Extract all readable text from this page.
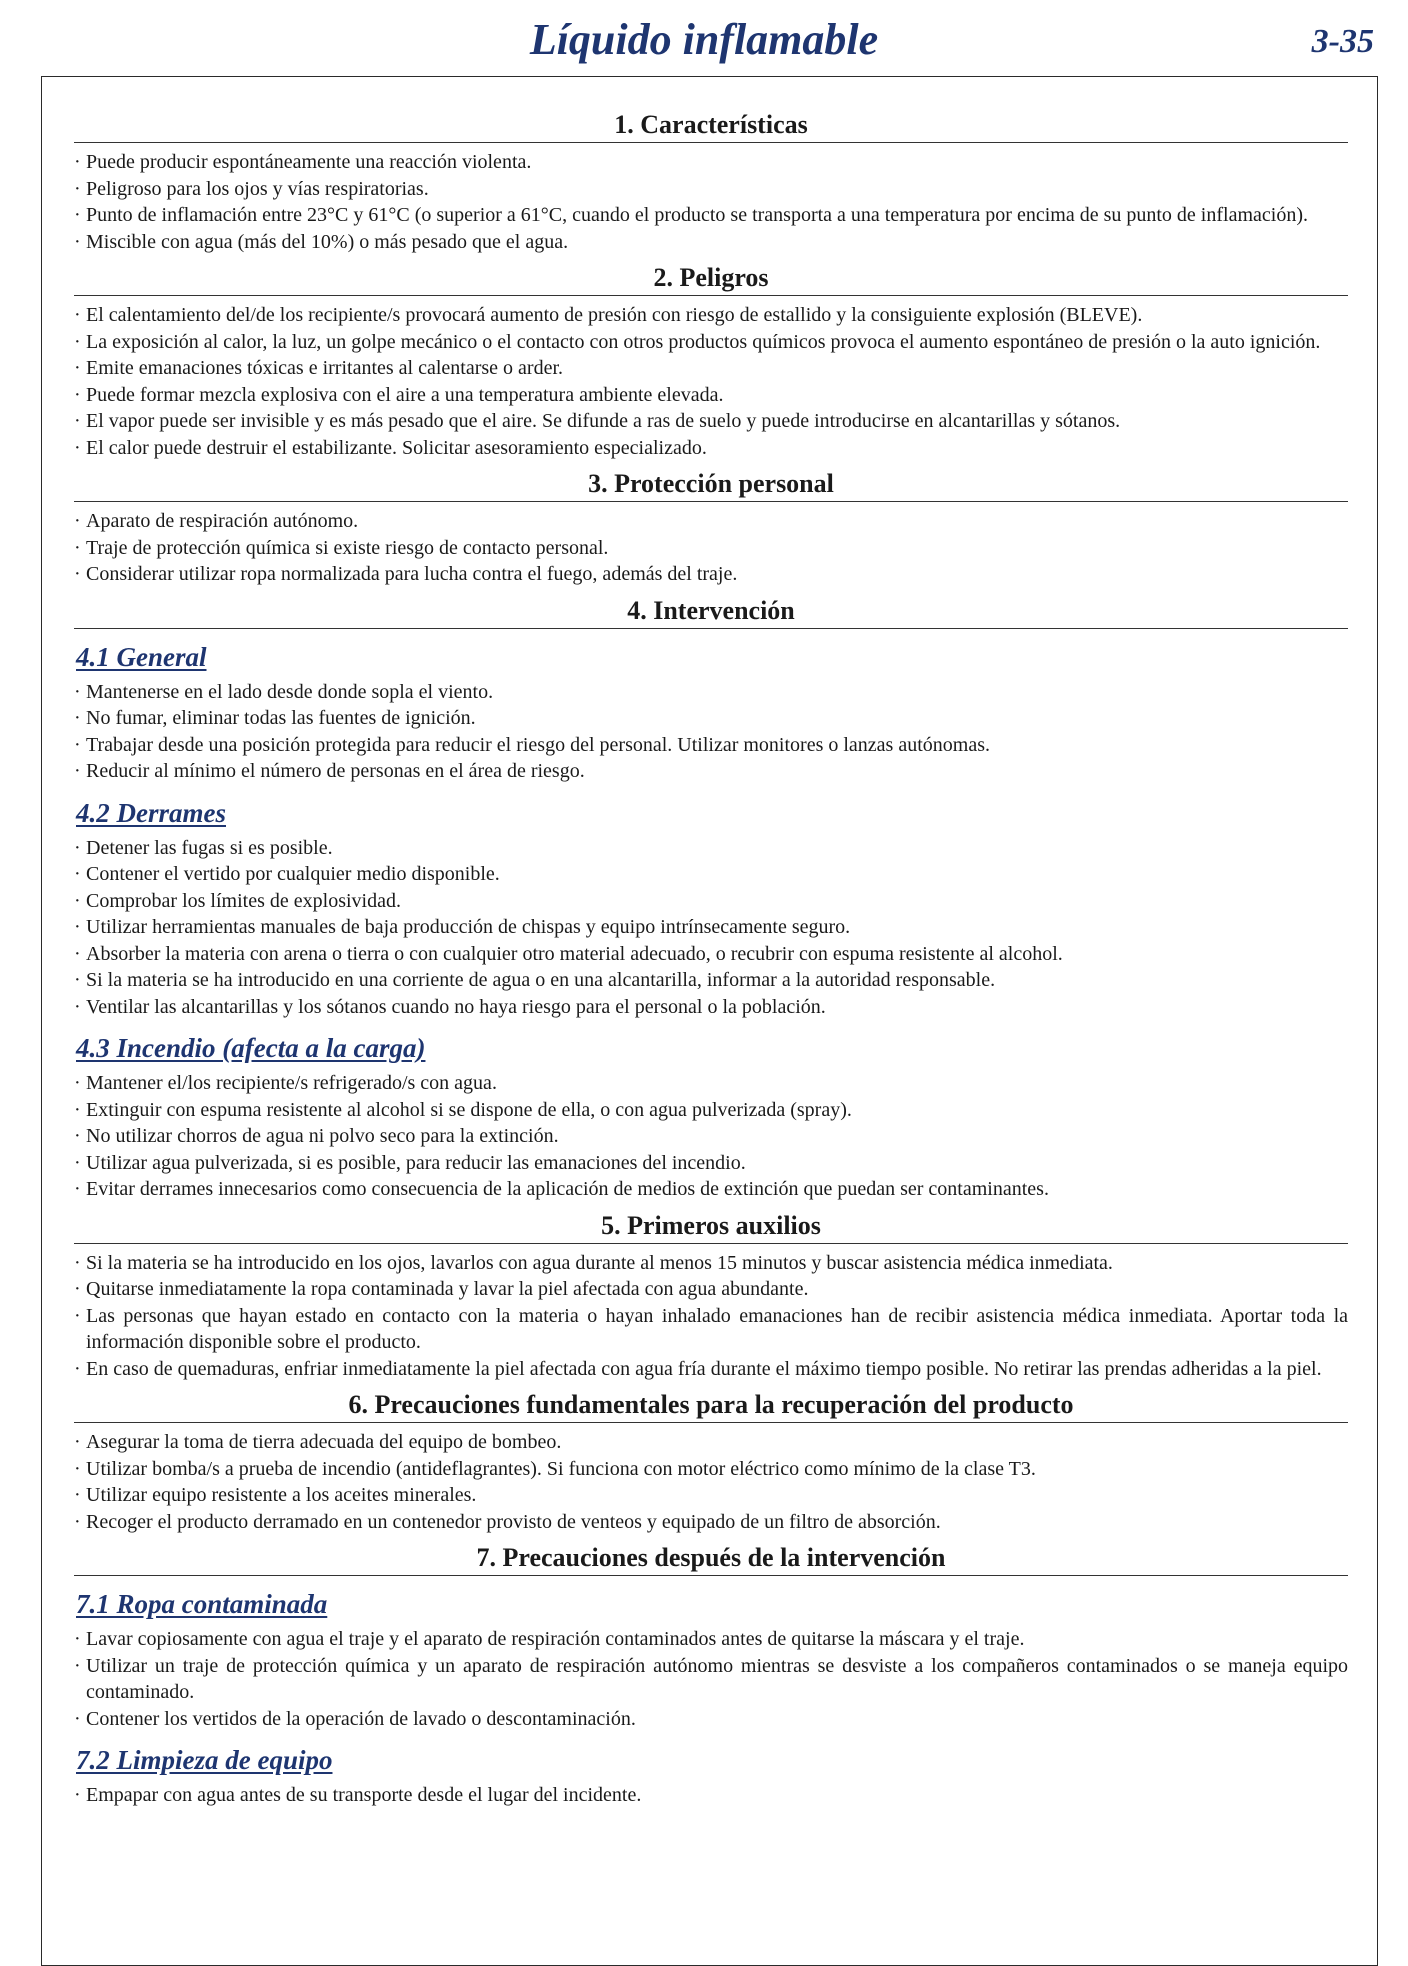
Líquido inflamable	3-35
1. Características
· Puede producir espontáneamente una reacción violenta.
· Peligroso para los ojos y vías respiratorias.
· Punto de inflamación entre 23°C y 61°C (o superior a 61°C, cuando el producto se transporta a una temperatura por encima de su punto de inflamación).
· Miscible con agua (más del 10%) o más pesado que el agua.
2. Peligros
· El calentamiento del/de los recipiente/s provocará aumento de presión con riesgo de estallido y la consiguiente explosión (BLEVE).
· La exposición al calor, la luz, un golpe mecánico o el contacto con otros productos químicos provoca el aumento espontáneo de presión o la auto ignición.
· Emite emanaciones tóxicas e irritantes al calentarse o arder.
· Puede formar mezcla explosiva con el aire a una temperatura ambiente elevada.
· El vapor puede ser invisible y es más pesado que el aire. Se difunde a ras de suelo y puede introducirse en alcantarillas y sótanos.
· El calor puede destruir el estabilizante. Solicitar asesoramiento especializado.
3. Protección personal
· Aparato de respiración autónomo.
· Traje de protección química si existe riesgo de contacto personal.
· Considerar utilizar ropa normalizada para lucha contra el fuego, además del traje.
4. Intervención
4.1 General
· Mantenerse en el lado desde donde sopla el viento.
· No fumar, eliminar todas las fuentes de ignición.
· Trabajar desde una posición protegida para reducir el riesgo del personal. Utilizar monitores o lanzas autónomas.
· Reducir al mínimo el número de personas en el área de riesgo.
4.2 Derrames
· Detener las fugas si es posible.
· Contener el vertido por cualquier medio disponible.
· Comprobar los límites de explosividad.
· Utilizar herramientas manuales de baja producción de chispas y equipo intrínsecamente seguro.
· Absorber la materia con arena o tierra o con cualquier otro material adecuado, o recubrir con espuma resistente al alcohol.
· Si la materia se ha introducido en una corriente de agua o en una alcantarilla, informar a la autoridad responsable.
· Ventilar las alcantarillas y los sótanos cuando no haya riesgo para el personal o la población.
4.3 Incendio (afecta a la carga)
· Mantener el/los recipiente/s refrigerado/s con agua.
· Extinguir con espuma resistente al alcohol si se dispone de ella, o con agua pulverizada (spray).
· No utilizar chorros de agua ni polvo seco para la extinción.
· Utilizar agua pulverizada, si es posible, para reducir las emanaciones del incendio.
· Evitar derrames innecesarios como consecuencia de la aplicación de medios de extinción que puedan ser contaminantes.
5. Primeros auxilios
· Si la materia se ha introducido en los ojos, lavarlos con agua durante al menos 15 minutos y buscar asistencia médica inmediata.
· Quitarse inmediatamente la ropa contaminada y lavar la piel afectada con agua abundante.
· Las personas que hayan estado en contacto con la materia o hayan inhalado emanaciones han de recibir asistencia médica inmediata. Aportar toda la información disponible sobre el producto.
· En caso de quemaduras, enfriar inmediatamente la piel afectada con agua fría durante el máximo tiempo posible. No retirar las prendas adheridas a la piel.
6. Precauciones fundamentales para la recuperación del producto
· Asegurar la toma de tierra adecuada del equipo de bombeo.
· Utilizar bomba/s a prueba de incendio (antideflagrantes). Si funciona con motor eléctrico como mínimo de la clase T3.
· Utilizar equipo resistente a los aceites minerales.
· Recoger el producto derramado en un contenedor provisto de venteos y equipado de un filtro de absorción.
7. Precauciones después de la intervención
7.1 Ropa contaminada
· Lavar copiosamente con agua el traje y el aparato de respiración contaminados antes de quitarse la máscara y el traje.
· Utilizar un traje de protección química y un aparato de respiración autónomo mientras se desviste a los compañeros contaminados o se maneja equipo contaminado.
· Contener los vertidos de la operación de lavado o descontaminación.
7.2 Limpieza de equipo
· Empapar con agua antes de su transporte desde el lugar del incidente.
